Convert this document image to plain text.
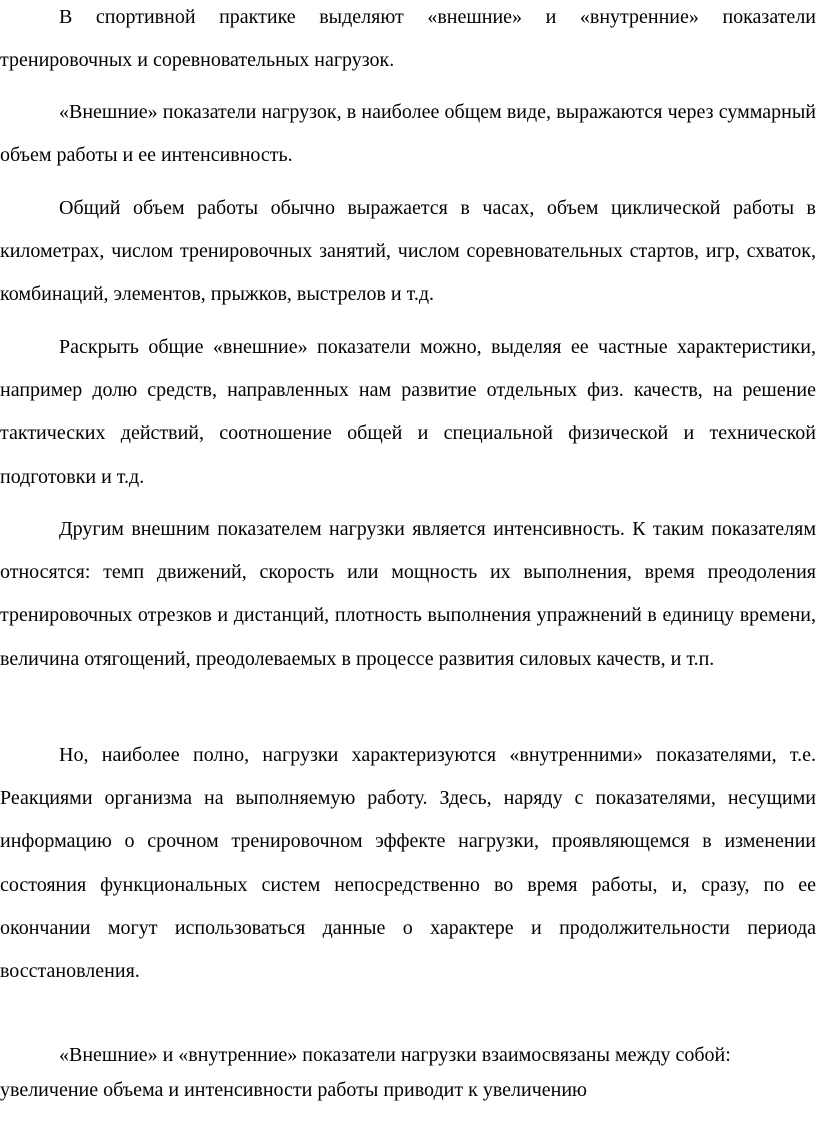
В спортивной практике выделяют «внешние» и «внутренние» показатели тренировочных и соревновательных нагрузок.

«Внешние» показатели нагрузок, в наиболее общем виде, выражаются через суммарный объем работы и ее интенсивность.

Общий объем работы обычно выражается в часах, объем циклической работы в километрах, числом тренировочных занятий, числом соревновательных стартов, игр, схваток, комбинаций, элементов, прыжков, выстрелов и т.д.

Раскрыть общие «внешние» показатели можно, выделяя ее частные характеристики, например долю средств, направленных нам развитие отдельных физ. качеств, на решение тактических действий, соотношение общей и специальной физической и технической подготовки и т.д.

Другим внешним показателем нагрузки является интенсивность. К таким показателям относятся: темп движений, скорость или мощность их выполнения, время преодоления тренировочных отрезков и дистанций, плотность выполнения упражнений в единицу времени, величина отягощений, преодолеваемых в процессе развития силовых качеств, и т.п.

Но, наиболее полно, нагрузки характеризуются «внутренними» показателями, т.е. Реакциями организма на выполняемую работу. Здесь, наряду с показателями, несущими информацию о срочном тренировочном эффекте нагрузки, проявляющемся в изменении состояния функциональных систем непосредственно во время работы, и, сразу, по ее окончании могут использоваться данные о характере и продолжительности периода восстановления.

«Внешние» и «внутренние» показатели нагрузки взаимосвязаны между собой: увеличение объема и интенсивности работы приводит к увеличению
